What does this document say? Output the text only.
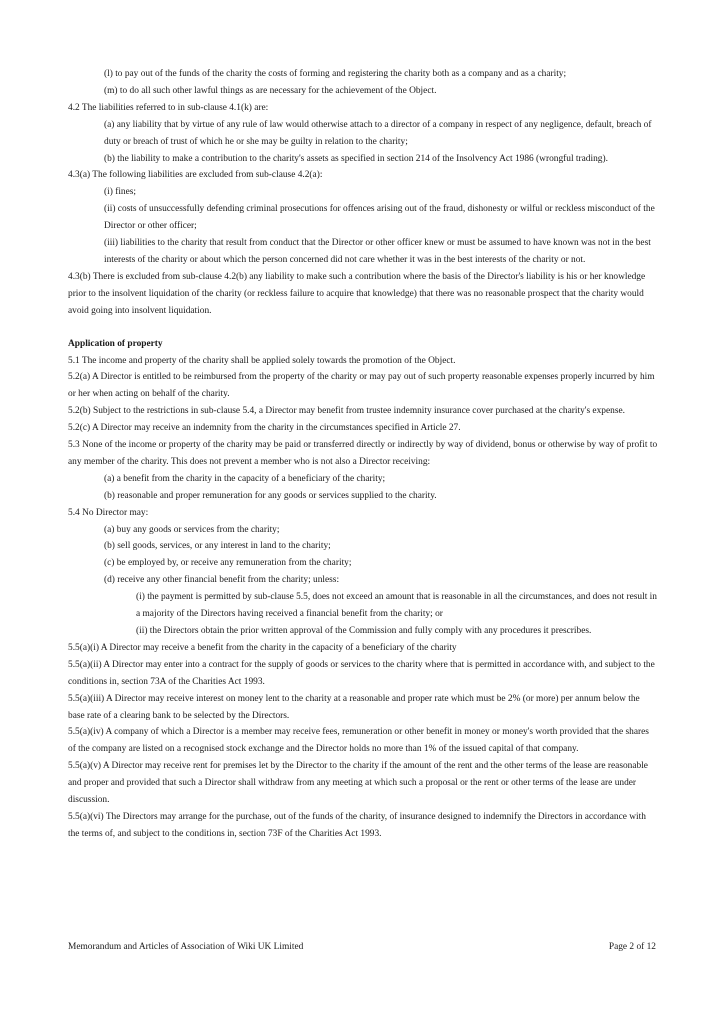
(l) to pay out of the funds of the charity the costs of forming and registering the charity both as a company and as a charity;

(m) to do all such other lawful things as are necessary for the achievement of the Object.

4.2 The liabilities referred to in sub-clause 4.1(k) are:

(a) any liability that by virtue of any rule of law would otherwise attach to a director of a company in respect of any negligence, default, breach of duty or breach of trust of which he or she may be guilty in relation to the charity;

(b) the liability to make a contribution to the charity's assets as specified in section 214 of the Insolvency Act 1986 (wrongful trading).

4.3(a) The following liabilities are excluded from sub-clause 4.2(a):

(i) fines;

(ii) costs of unsuccessfully defending criminal prosecutions for offences arising out of the fraud, dishonesty or wilful or reckless misconduct of the Director or other officer;

(iii) liabilities to the charity that result from conduct that the Director or other officer knew or must be assumed to have known was not in the best interests of the charity or about which the person concerned did not care whether it was in the best interests of the charity or not.

4.3(b) There is excluded from sub-clause 4.2(b) any liability to make such a contribution where the basis of the Director's liability is his or her knowledge prior to the insolvent liquidation of the charity (or reckless failure to acquire that knowledge) that there was no reasonable prospect that the charity would avoid going into insolvent liquidation.

Application of property

5.1 The income and property of the charity shall be applied solely towards the promotion of the Object.

5.2(a) A Director is entitled to be reimbursed from the property of the charity or may pay out of such property reasonable expenses properly incurred by him or her when acting on behalf of the charity.

5.2(b) Subject to the restrictions in sub-clause 5.4, a Director may benefit from trustee indemnity insurance cover purchased at the charity's expense.

5.2(c) A Director may receive an indemnity from the charity in the circumstances specified in Article 27.

5.3 None of the income or property of the charity may be paid or transferred directly or indirectly by way of dividend, bonus or otherwise by way of profit to any member of the charity. This does not prevent a member who is not also a Director receiving:

(a) a benefit from the charity in the capacity of a beneficiary of the charity;

(b) reasonable and proper remuneration for any goods or services supplied to the charity.

5.4 No Director may:

(a) buy any goods or services from the charity;

(b) sell goods, services, or any interest in land to the charity;

(c) be employed by, or receive any remuneration from the charity;

(d) receive any other financial benefit from the charity; unless:

(i) the payment is permitted by sub-clause 5.5, does not exceed an amount that is reasonable in all the circumstances, and does not result in a majority of the Directors having received a financial benefit from the charity; or

(ii) the Directors obtain the prior written approval of the Commission and fully comply with any procedures it prescribes.

5.5(a)(i) A Director may receive a benefit from the charity in the capacity of a beneficiary of the charity

5.5(a)(ii) A Director may enter into a contract for the supply of goods or services to the charity where that is permitted in accordance with, and subject to the conditions in, section 73A of the Charities Act 1993.

5.5(a)(iii) A Director may receive interest on money lent to the charity at a reasonable and proper rate which must be 2% (or more) per annum below the base rate of a clearing bank to be selected by the Directors.

5.5(a)(iv) A company of which a Director is a member may receive fees, remuneration or other benefit in money or money's worth provided that the shares of the company are listed on a recognised stock exchange and the Director holds no more than 1% of the issued capital of that company.

5.5(a)(v) A Director may receive rent for premises let by the Director to the charity if the amount of the rent and the other terms of the lease are reasonable and proper and provided that such a Director shall withdraw from any meeting at which such a proposal or the rent or other terms of the lease are under discussion.

5.5(a)(vi) The Directors may arrange for the purchase, out of the funds of the charity, of insurance designed to indemnify the Directors in accordance with the terms of, and subject to the conditions in, section 73F of the Charities Act 1993.

Memorandum and Articles of Association of Wiki UK Limited	Page 2 of 12
